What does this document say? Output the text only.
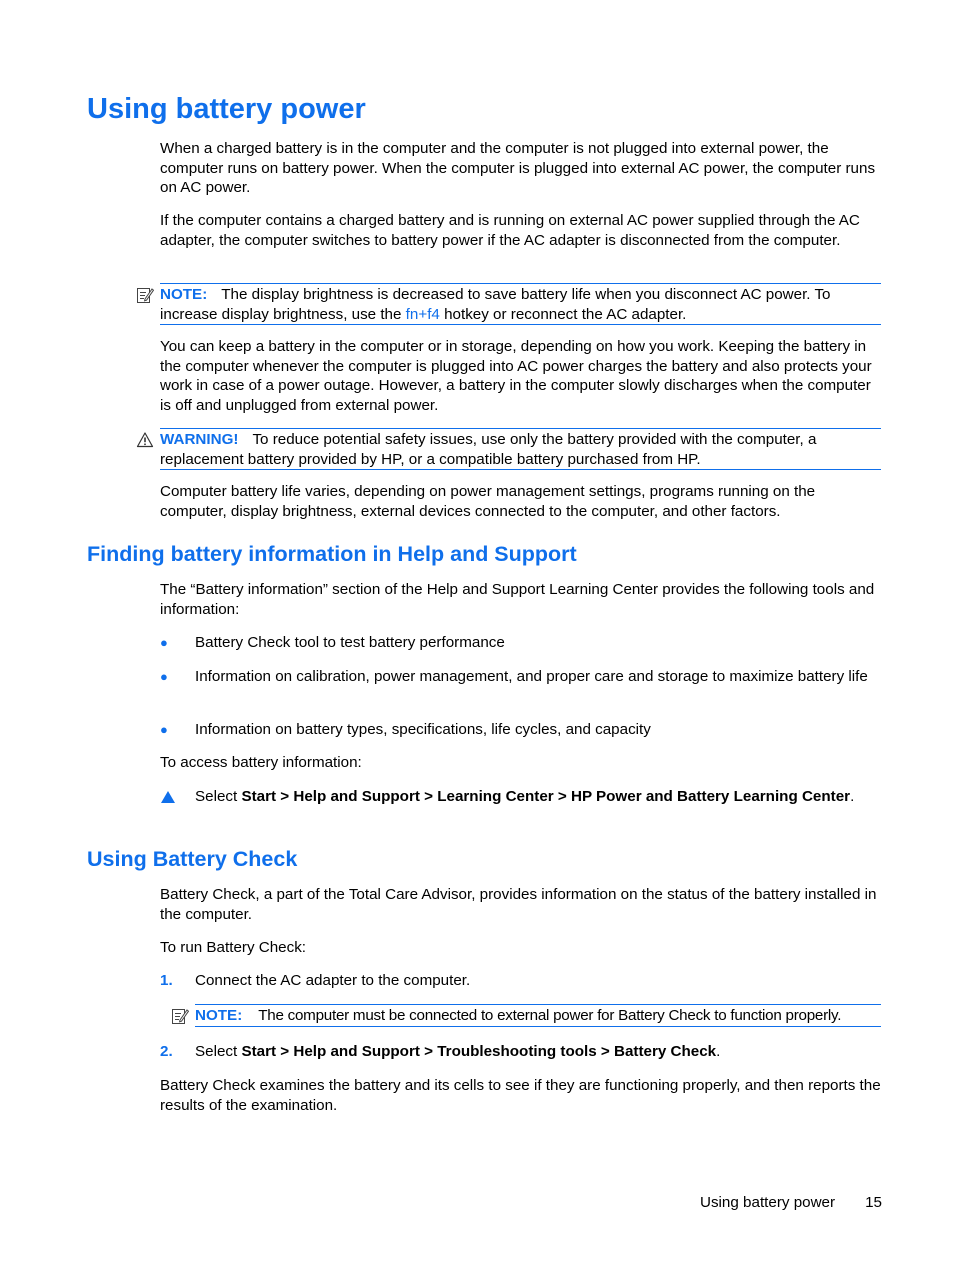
Using battery power

When a charged battery is in the computer and the computer is not plugged into external power, the computer runs on battery power. When the computer is plugged into external AC power, the computer runs on AC power.

If the computer contains a charged battery and is running on external AC power supplied through the AC adapter, the computer switches to battery power if the AC adapter is disconnected from the computer.

NOTE: The display brightness is decreased to save battery life when you disconnect AC power. To increase display brightness, use the fn+f4 hotkey or reconnect the AC adapter.

You can keep a battery in the computer or in storage, depending on how you work. Keeping the battery in the computer whenever the computer is plugged into AC power charges the battery and also protects your work in case of a power outage. However, a battery in the computer slowly discharges when the computer is off and unplugged from external power.

WARNING! To reduce potential safety issues, use only the battery provided with the computer, a replacement battery provided by HP, or a compatible battery purchased from HP.

Computer battery life varies, depending on power management settings, programs running on the computer, display brightness, external devices connected to the computer, and other factors.

Finding battery information in Help and Support

The “Battery information” section of the Help and Support Learning Center provides the following tools and information:

●	Battery Check tool to test battery performance
●	Information on calibration, power management, and proper care and storage to maximize battery life
●	Information on battery types, specifications, life cycles, and capacity

To access battery information:

Select Start > Help and Support > Learning Center > HP Power and Battery Learning Center.
Using Battery Check

Battery Check, a part of the Total Care Advisor, provides information on the status of the battery installed in the computer.

To run Battery Check:

1.	Connect the AC adapter to the computer.
NOTE: The computer must be connected to external power for Battery Check to function properly.
2.	Select Start > Help and Support > Troubleshooting tools > Battery Check.

Battery Check examines the battery and its cells to see if they are functioning properly, and then reports the results of the examination.

Using battery power 15
